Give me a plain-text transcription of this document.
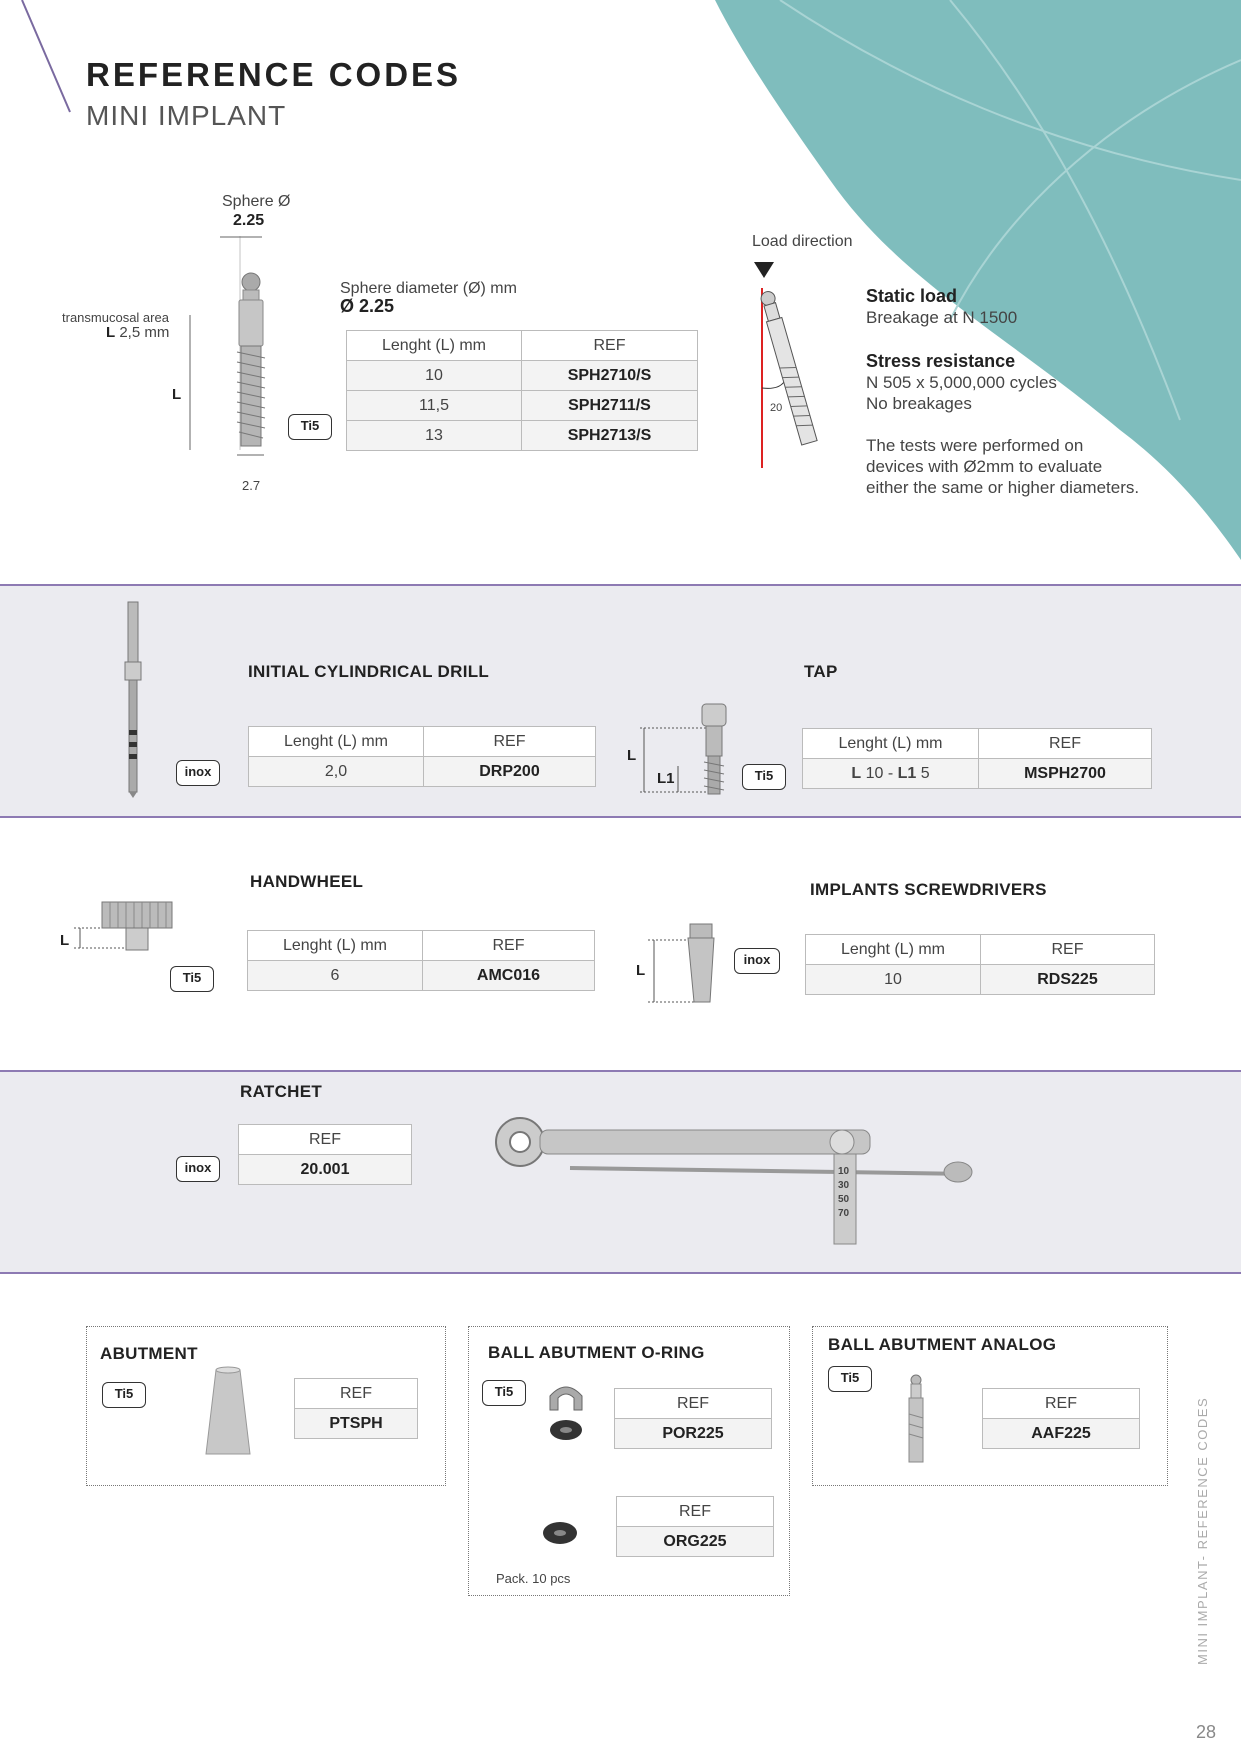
REFERENCE CODES
MINI IMPLANT
Sphere Ø
2.25
transmucosal area
L 2,5 mm
L
2.7
Ti5
Sphere diameter (Ø) mm
Ø 2.25
Lenght (L) mm	REF
10	SPH2710/S
11,5	SPH2711/S
13	SPH2713/S
Load direction
20
Static load
Breakage at N 1500
Stress resistance
N 505 x 5,000,000 cycles
No breakages
The tests were performed on
devices with Ø2mm to evaluate
either the same or higher diameters.
inox
INITIAL CYLINDRICAL DRILL
Lenght (L) mm	REF
2,0	DRP200
L
L1	Ti5
TAP
Lenght (L) mm	REF
L 10 - L1 5	MSPH2700
L
Ti5
HANDWHEEL
Lenght (L) mm	REF
6	AMC016	L
inox
IMPLANTS SCREWDRIVERS
Lenght (L) mm	REF
10	RDS225
RATCHET
inox
REF
20.001	10
30
50
70
ABUTMENT
Ti5	REF
PTSPH
BALL ABUTMENT O-RING
Ti5
REF
POR225
REF
ORG225
Pack. 10 pcs
BALL ABUTMENT ANALOG
Ti5
REF
AAF225	MINI IMPLANT- REFERENCE CODES
28
